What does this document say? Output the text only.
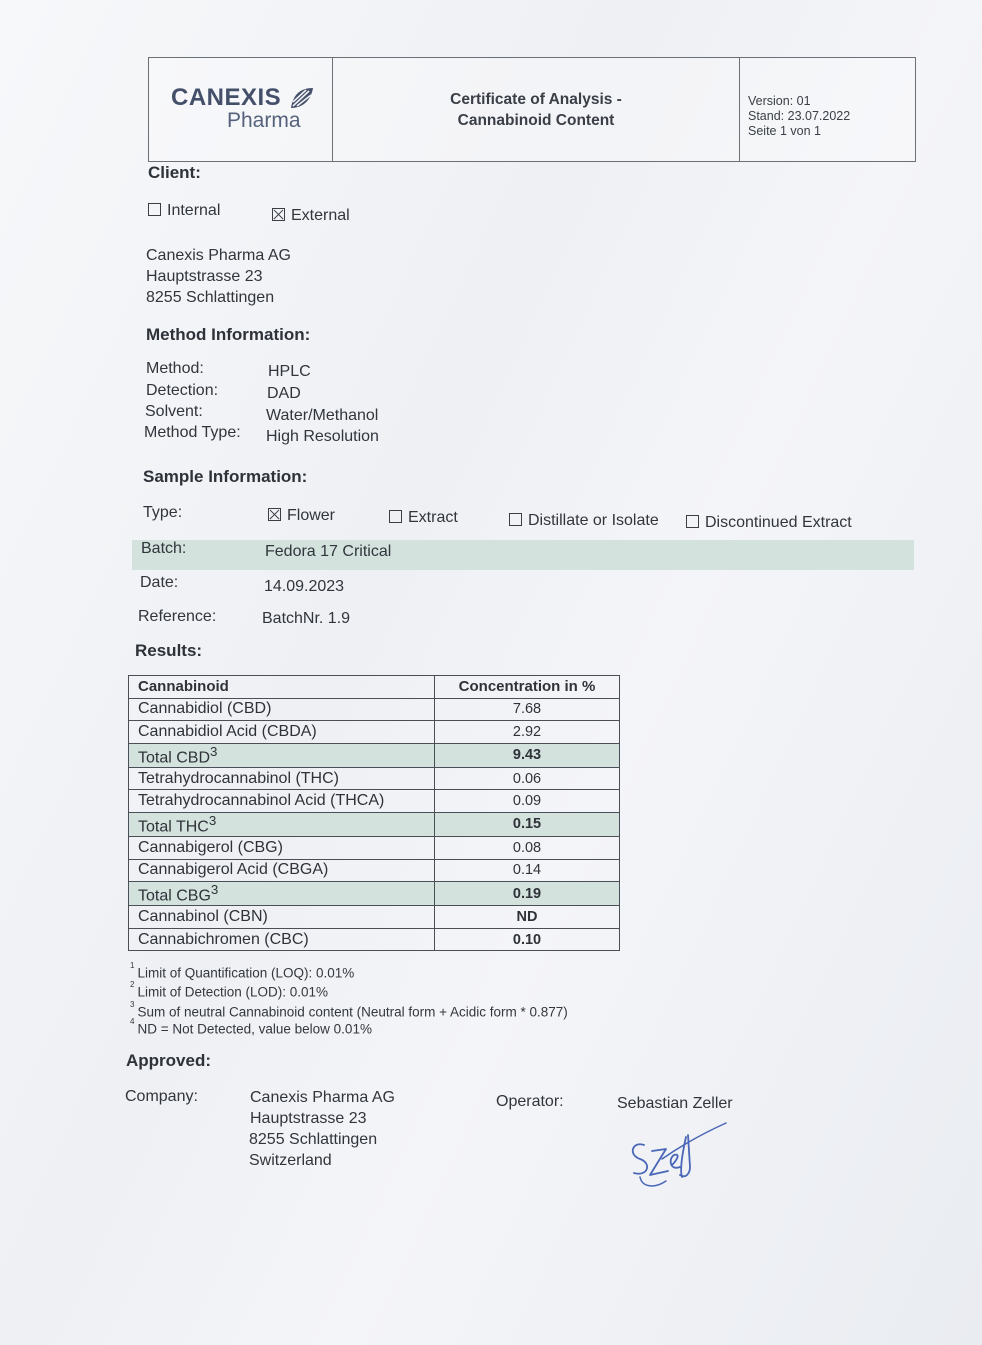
CANEXIS
Pharma
Certificate of Analysis -
Cannabinoid Content
Version: 01
Stand: 23.07.2022
Seite 1 von 1
Client:
Internal	External
Canexis Pharma AG
Hauptstrasse 23
8255 Schlattingen
Method Information:
Method:	HPLC
Detection:	DAD
Solvent:	Water/Methanol
Method Type: High Resolution
Sample Information:
Type:	Flower	Extract	Distillate or Isolate	Discontinued Extract
Batch:	Fedora 17 Critical
Date:	14.09.2023
Reference:	BatchNr. 1.9
Results:
Cannabinoid	Concentration in %
Cannabidiol (CBD)	7.68
Cannabidiol Acid (CBDA)	2.92
Total CBD$^3$	9.43
Tetrahydrocannabinol (THC)	0.06
Tetrahydrocannabinol Acid (THCA)	0.09
Total THC$^3$	0.15
Cannabigerol (CBG)	0.08
Cannabigerol Acid (CBGA)	0.14
Total CBG$^3$	0.19
Cannabinol (CBN)	ND
Cannabichromen (CBC)	0.10
$^1$ Limit of Quantification (LOQ): 0.01%
$^2$ Limit of Detection (LOD): 0.01%
$^3$ Sum of neutral Cannabinoid content (Neutral form + Acidic form * 0.877)
$^4$ ND = Not Detected, value below 0.01%
Approved:
Company:	Canexis Pharma AG
Hauptstrasse 23
8255 Schlattingen
Switzerland
Operator:	Sebastian Zeller
